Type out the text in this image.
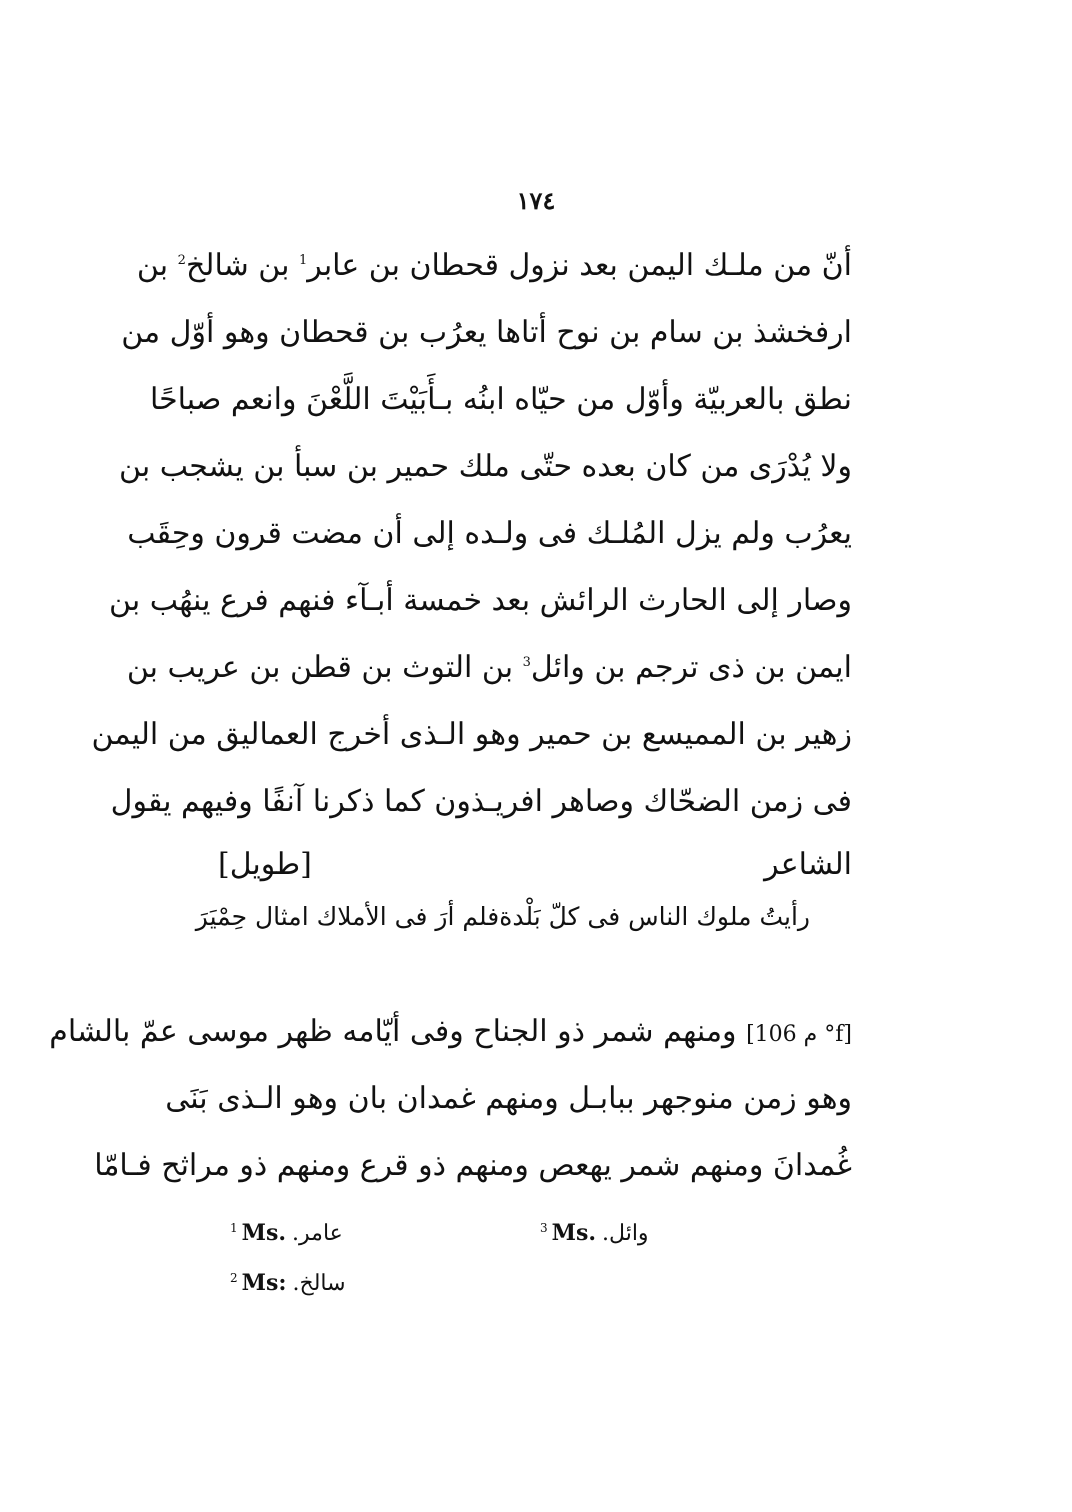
١٧٤
أنّ من ملـك اليمن بعد نزول قحطان بن عابر$^1$ بن شالخ$^2$ بن
ارفخشذ بن سام بن نوح أتاها يعرُب بن قحطان وهو أوّل من
نطق بالعربيّة وأوّل من حيّاه ابنُه بـأَبَيْتَ اللَّعْنَ وانعم صباحًا
ولا يُدْرَى من كان بعده حتّى ملك حمير بن سبأ بن يشجب بن
يعرُب ولم يزل المُلـك فى ولـده إلى أن مضت قرون وحِقَب
وصار إلى الحارث الرائش بعد خمسة أبـآء فنهم فرع ينهُب بن
ايمن بن ذى ترجم بن وائل$^3$ بن التوث بن قطن بن عريب بن
زهير بن المميسع بن حمير وهو الـذى أخرج العماليق من اليمن
فى زمن الضحّاك وصاهر افريـذون كما ذكرنا آنفًا وفيهم يقول
الشاعر
[طويل]
رأيتُ ملوك الناس فى كلّ بَلْدة
فلم أرَ فى الأملاك امثال حِمْيَرَ
[م 106 °f] ومنهم شمر ذو الجناح وفى أيّامه ظهر موسى عمّ بالشام
وهو زمن منوجهر ببابـل ومنهم غمدان بان وهو الـذى بَنَى
غُمدانَ ومنهم شمر يهعص ومنهم ذو قرع ومنهم ذو مراثح فـامّا
$^1$ Ms. عامر.	$^3$ Ms. وائل.
$^2$ Ms: سالخ.
